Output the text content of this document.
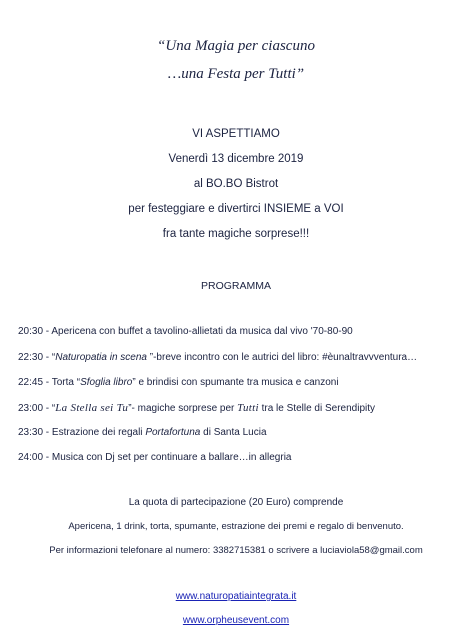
“Una Magia per ciascuno
…una Festa per Tutti”
VI ASPETTIAMO
Venerdì 13 dicembre 2019
al BO.BO Bistrot
per festeggiare e divertirci INSIEME a VOI
fra tante magiche sorprese!!!
PROGRAMMA
20:30 - Apericena con buffet a tavolino-allietati da musica dal vivo '70-80-90
22:30 - “Naturopatia in scena ”-breve incontro con le autrici del libro: #èunaltravvventura…
22:45 - Torta “Sfoglia libro” e brindisi con spumante tra musica e canzoni
23:00 - “La Stella sei Tu”- magiche sorprese per Tutti tra le Stelle di Serendipity
23:30 - Estrazione dei regali Portafortuna di Santa Lucia
24:00 - Musica con Dj set per continuare a ballare…in allegria
La quota di partecipazione (20 Euro) comprende
Apericena, 1 drink, torta, spumante, estrazione dei premi e regalo di benvenuto.
Per informazioni telefonare al numero: 3382715381 o scrivere a luciaviola58@gmail.com
www.naturopatiaintegrata.it
www.orpheusevent.com
